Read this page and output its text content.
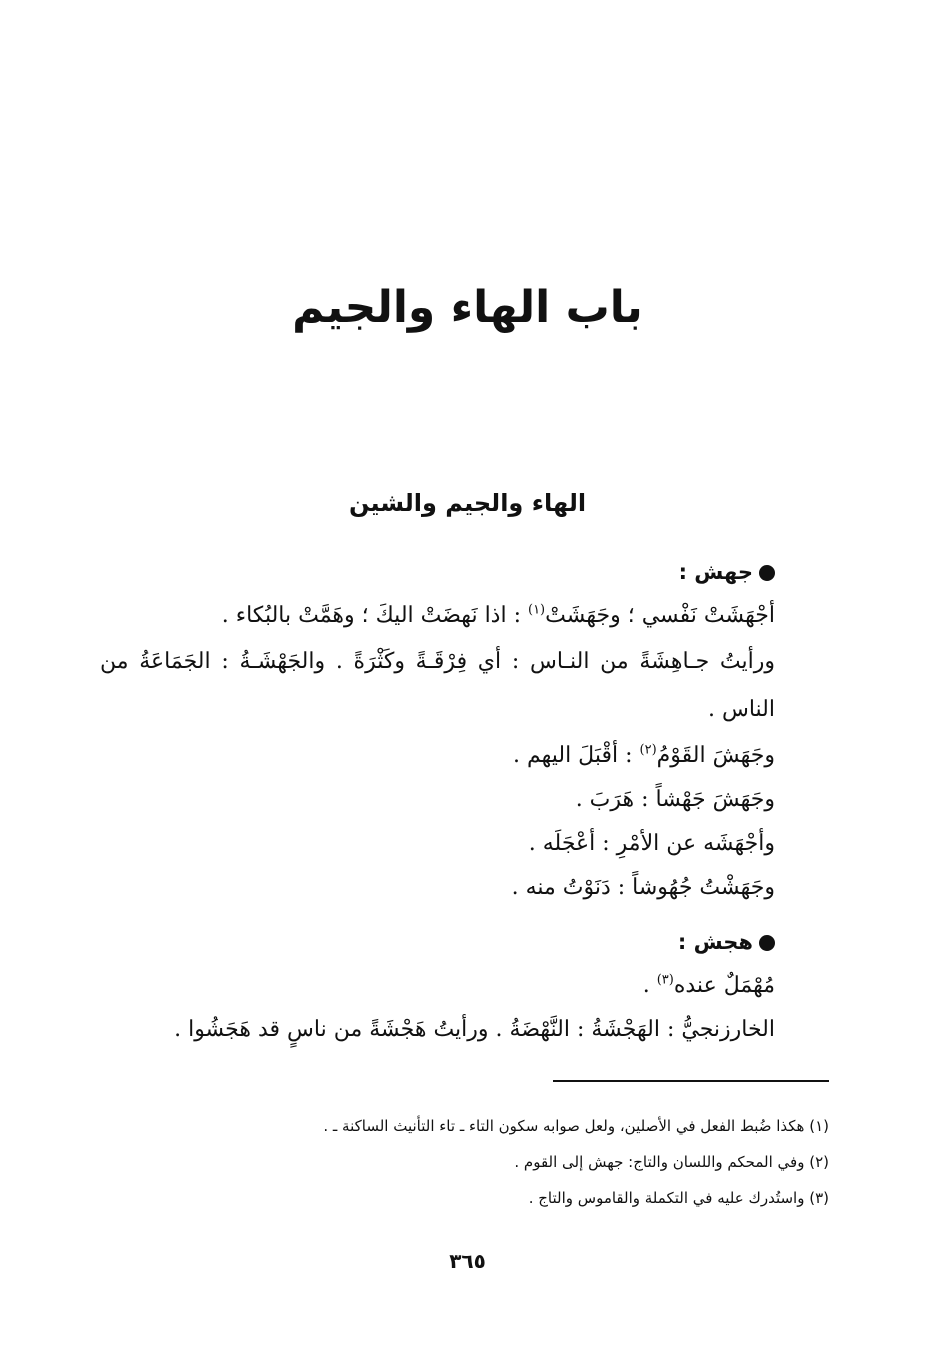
باب الهاء والجيم
الهاء والجيم والشين
جهش :
أجْهَشَتْ نَفْسي ؛ وجَهَشَتْ$^{(١)}$ : اذا نَهضَتْ اليكَ ؛ وهَمَّتْ بالبُكاء .
ورأيتُ جـاهِشَةً من النـاس : أي فِرْقَـةً وكَثْرَةً . والجَهْشَـةُ : الجَمَاعَةُ من الناس .
وجَهَشَ القَوْمُ$^{(٢)}$ : أقْبَلَ اليهم .
وجَهَشَ جَهْشاً : هَرَبَ .
وأجْهَشَه عن الأمْرِ : أعْجَلَه .
وجَهَشْتُ جُهُوشاً : دَنَوْتُ منه .
هجش :
مُهْمَلٌ عنده$^{(٣)}$ .
الخارزنجيُّ : الهَجْشَةُ : النَّهْضَةُ . ورأيتُ هَجْشَةً من ناسٍ قد هَجَشُوا .
(١) هكذا ضُبط الفعل في الأصلين، ولعل صوابه سكون التاء ـ تاء التأنيث الساكنة ـ .
(٢) وفي المحكم واللسان والتاج: جهش إلى القوم .
(٣) واستُدرك عليه في التكملة والقاموس والتاج .
٣٦٥
